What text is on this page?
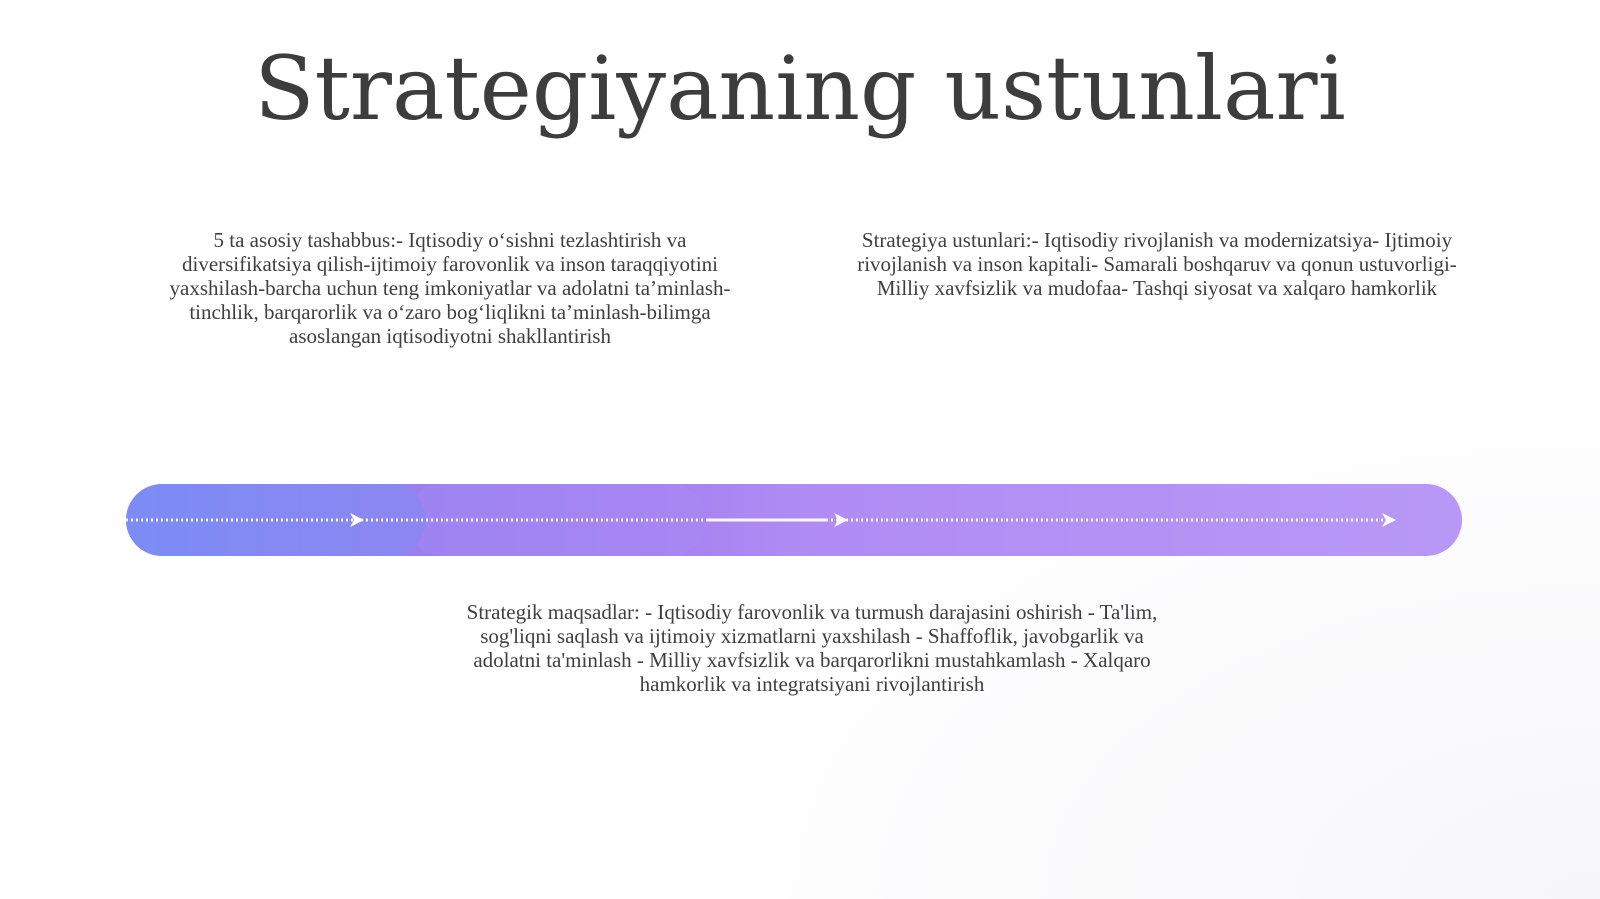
Strategiyaning ustunlari
5 ta asosiy tashabbus:- Iqtisodiy o‘sishni tezlashtirish va diversifikatsiya qilish-ijtimoiy farovonlik va inson taraqqiyotini yaxshilash-barcha uchun teng imkoniyatlar va adolatni ta’minlash-tinchlik, barqarorlik va o‘zaro bog‘liqlikni ta’minlash-bilimga asoslangan iqtisodiyotni shakllantirish
Strategiya ustunlari:- Iqtisodiy rivojlanish va modernizatsiya- Ijtimoiy rivojlanish va inson kapitali- Samarali boshqaruv va qonun ustuvorligi- Milliy xavfsizlik va mudofaa- Tashqi siyosat va xalqaro hamkorlik
Strategik maqsadlar: - Iqtisodiy farovonlik va turmush darajasini oshirish - Ta'lim, sog'liqni saqlash va ijtimoiy xizmatlarni yaxshilash - Shaffoflik, javobgarlik va adolatni ta'minlash - Milliy xavfsizlik va barqarorlikni mustahkamlash - Xalqaro hamkorlik va integratsiyani rivojlantirish
